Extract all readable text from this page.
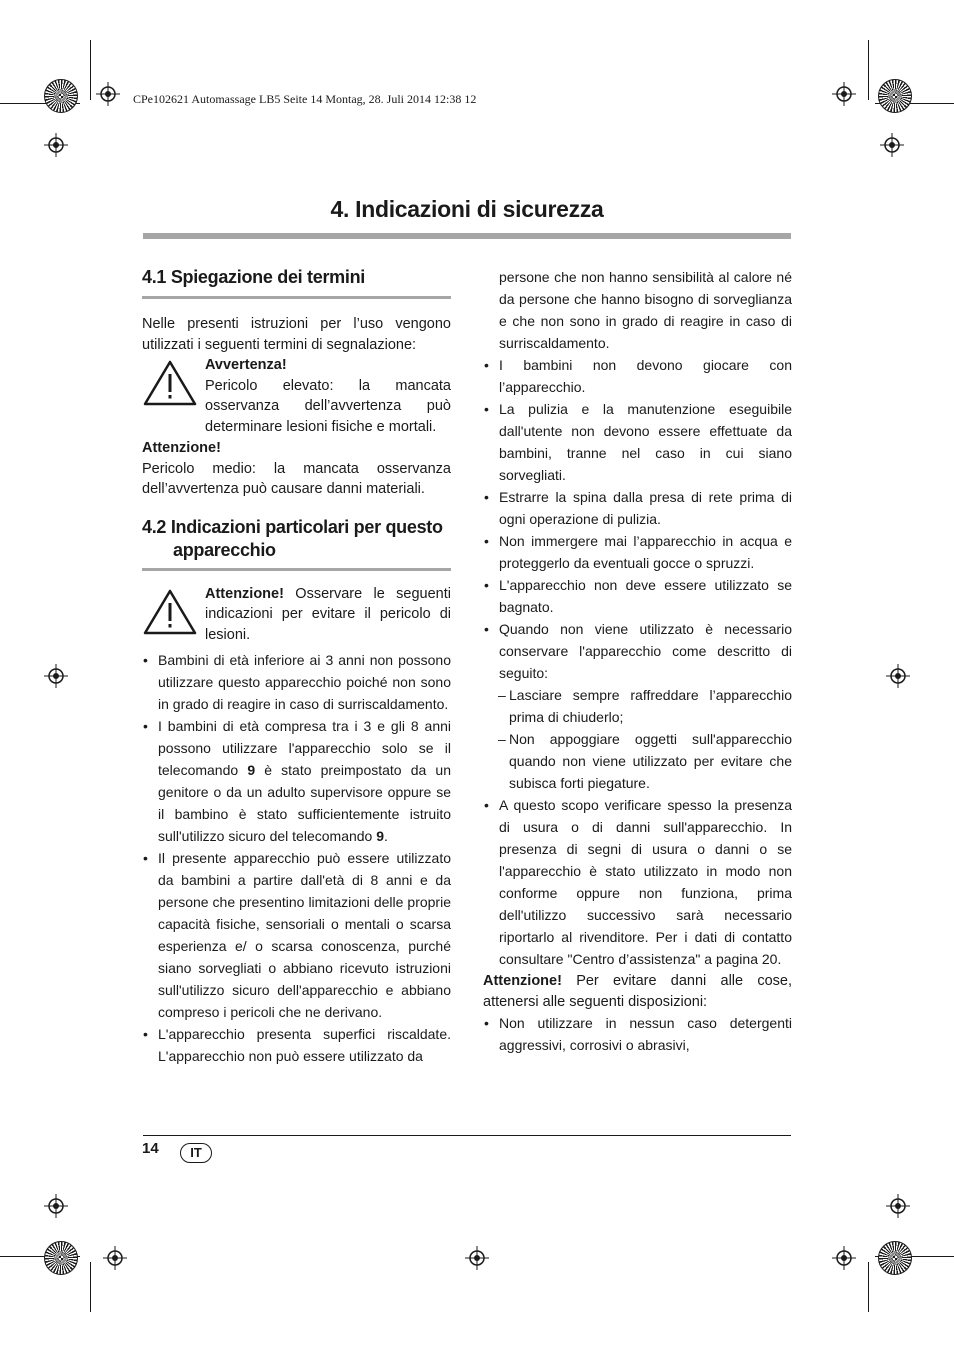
CPe102621 Automassage LB5 Seite 14 Montag, 28. Juli 2014 12:38 12
4. Indicazioni di sicurezza
4.1 Spiegazione dei termini

Nelle presenti istruzioni per l’uso vengono utilizzati i seguenti termini di segnalazione:

Avvertenza!
Pericolo elevato: la mancata osservanza dell’avvertenza può determinare lesioni fisiche e mortali.
Attenzione!
Pericolo medio: la mancata osservanza dell’avvertenza può causare danni materiali.
4.2 Indicazioni particolari per questo
apparecchio
Attenzione! Osservare le seguenti indicazioni per evitare il pericolo di lesioni.
• Bambini di età inferiore ai 3 anni non possono utilizzare questo apparecchio poiché non sono in grado di reagire in caso di surriscaldamento.
• I bambini di età compresa tra i 3 e gli 8 anni possono utilizzare l'apparecchio solo se il telecomando 9 è stato preimpostato da un genitore o da un adulto supervisore oppure se il bambino è stato sufficientemente istruito sull'utilizzo sicuro del telecomando 9.
• Il presente apparecchio può essere utilizzato da bambini a partire dall'età di 8 anni e da persone che presentino limitazioni delle proprie capacità fisiche, sensoriali o mentali o scarsa esperienza e/ o scarsa conoscenza, purché siano sorvegliati o abbiano ricevuto istruzioni sull'utilizzo sicuro dell'apparecchio e abbiano compreso i pericoli che ne derivano.
• L'apparecchio presenta superfici riscaldate. L'apparecchio non può essere utilizzato da
persone che non hanno sensibilità al calore né da persone che hanno bisogno di sorveglianza e che non sono in grado di reagire in caso di surriscaldamento.
• I bambini non devono giocare con l’apparecchio.
• La pulizia e la manutenzione eseguibile dall'utente non devono essere effettuate da bambini, tranne nel caso in cui siano sorvegliati.
• Estrarre la spina dalla presa di rete prima di ogni operazione di pulizia.
• Non immergere mai l’apparecchio in acqua e proteggerlo da eventuali gocce o spruzzi.
• L'apparecchio non deve essere utilizzato se bagnato.
• Quando non viene utilizzato è necessario conservare l'apparecchio come descritto di seguito:
– Lasciare sempre raffreddare l’apparecchio prima di chiuderlo;
– Non appoggiare oggetti sull'apparecchio quando non viene utilizzato per evitare che subisca forti piegature.
• A questo scopo verificare spesso la presenza di usura o di danni sull'apparecchio. In presenza di segni di usura o danni o se l'apparecchio è stato utilizzato in modo non conforme oppure non funziona, prima dell'utilizzo successivo sarà necessario riportarlo al rivenditore. Per i dati di contatto consultare "Centro d’assistenza" a pagina 20.
Attenzione! Per evitare danni alle cose, attenersi alle seguenti disposizioni:
• Non utilizzare in nessun caso detergenti aggressivi, corrosivi o abrasivi,
14	IT
